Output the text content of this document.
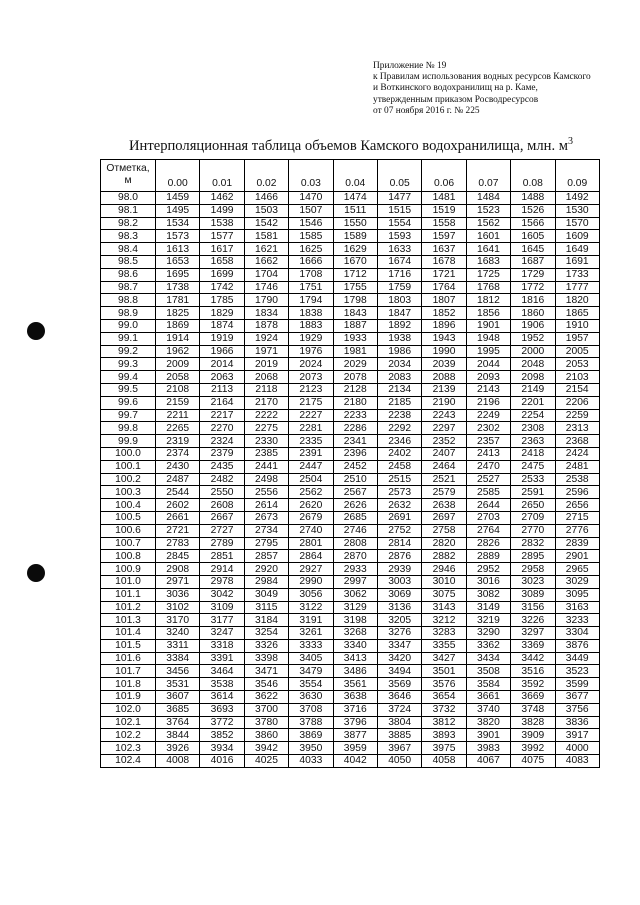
Приложение № 19
к Правилам использования водных ресурсов Камского
и Воткинского водохранилищ на р. Каме,
утвержденным приказом Росводресурсов
от 07 ноября 2016 г. № 225
Интерполяционная таблица объемов Камского водохранилища, млн. $м^3$
Отметка,
м	0.00	0.01	0.02	0.03	0.04	0.05	0.06	0.07	0.08	0.09
98.0	1459	1462	1466	1470	1474	1477	1481	1484	1488	1492
98.1	1495	1499	1503	1507	1511	1515	1519	1523	1526	1530
98.2	1534	1538	1542	1546	1550	1554	1558	1562	1566	1570
98.3	1573	1577	1581	1585	1589	1593	1597	1601	1605	1609
98.4	1613	1617	1621	1625	1629	1633	1637	1641	1645	1649
98.5	1653	1658	1662	1666	1670	1674	1678	1683	1687	1691
98.6	1695	1699	1704	1708	1712	1716	1721	1725	1729	1733
98.7	1738	1742	1746	1751	1755	1759	1764	1768	1772	1777
98.8	1781	1785	1790	1794	1798	1803	1807	1812	1816	1820
98.9	1825	1829	1834	1838	1843	1847	1852	1856	1860	1865
99.0	1869	1874	1878	1883	1887	1892	1896	1901	1906	1910
99.1	1914	1919	1924	1929	1933	1938	1943	1948	1952	1957
99.2	1962	1966	1971	1976	1981	1986	1990	1995	2000	2005
99.3	2009	2014	2019	2024	2029	2034	2039	2044	2048	2053
99.4	2058	2063	2068	2073	2078	2083	2088	2093	2098	2103
99.5	2108	2113	2118	2123	2128	2134	2139	2143	2149	2154
99.6	2159	2164	2170	2175	2180	2185	2190	2196	2201	2206
99.7	2211	2217	2222	2227	2233	2238	2243	2249	2254	2259
99.8	2265	2270	2275	2281	2286	2292	2297	2302	2308	2313
99.9	2319	2324	2330	2335	2341	2346	2352	2357	2363	2368
100.0	2374	2379	2385	2391	2396	2402	2407	2413	2418	2424
100.1	2430	2435	2441	2447	2452	2458	2464	2470	2475	2481
100.2	2487	2482	2498	2504	2510	2515	2521	2527	2533	2538
100.3	2544	2550	2556	2562	2567	2573	2579	2585	2591	2596
100.4	2602	2608	2614	2620	2626	2632	2638	2644	2650	2656
100.5	2661	2667	2673	2679	2685	2691	2697	2703	2709	2715
100.6	2721	2727	2734	2740	2746	2752	2758	2764	2770	2776
100.7	2783	2789	2795	2801	2808	2814	2820	2826	2832	2839
100.8	2845	2851	2857	2864	2870	2876	2882	2889	2895	2901
100.9	2908	2914	2920	2927	2933	2939	2946	2952	2958	2965
101.0	2971	2978	2984	2990	2997	3003	3010	3016	3023	3029
101.1	3036	3042	3049	3056	3062	3069	3075	3082	3089	3095
101.2	3102	3109	3115	3122	3129	3136	3143	3149	3156	3163
101.3	3170	3177	3184	3191	3198	3205	3212	3219	3226	3233
101.4	3240	3247	3254	3261	3268	3276	3283	3290	3297	3304
101.5	3311	3318	3326	3333	3340	3347	3355	3362	3369	3876
101.6	3384	3391	3398	3405	3413	3420	3427	3434	3442	3449
101.7	3456	3464	3471	3479	3486	3494	3501	3508	3516	3523
101.8	3531	3538	3546	3554	3561	3569	3576	3584	3592	3599
101.9	3607	3614	3622	3630	3638	3646	3654	3661	3669	3677
102.0	3685	3693	3700	3708	3716	3724	3732	3740	3748	3756
102.1	3764	3772	3780	3788	3796	3804	3812	3820	3828	3836
102.2	3844	3852	3860	3869	3877	3885	3893	3901	3909	3917
102.3	3926	3934	3942	3950	3959	3967	3975	3983	3992	4000
102.4	4008	4016	4025	4033	4042	4050	4058	4067	4075	4083
